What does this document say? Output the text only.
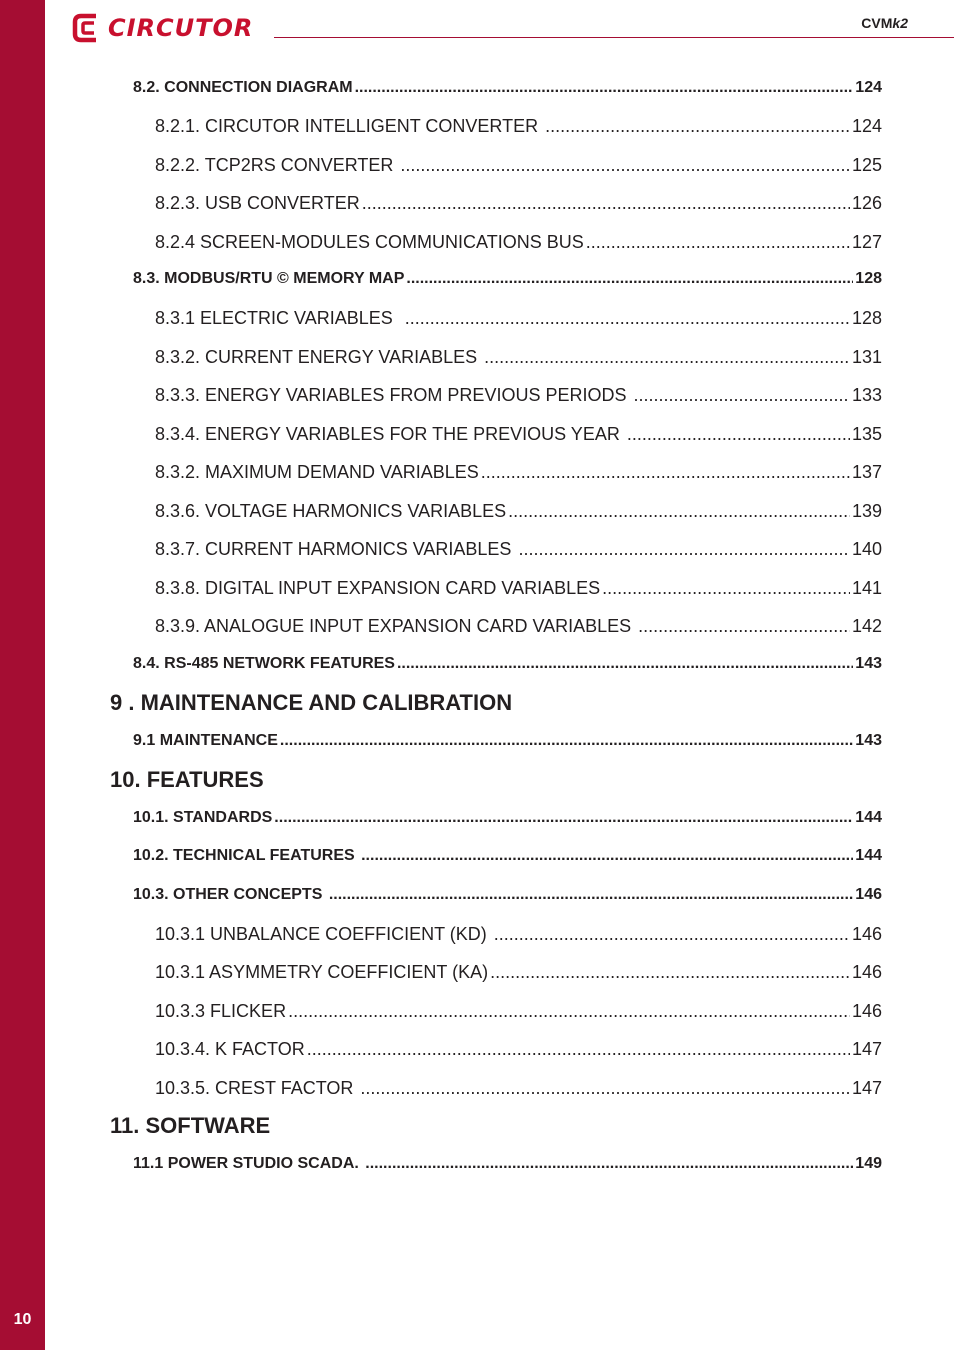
10
CIRCUTOR	CVMk2
8.2. CONNECTION DIAGRAM .....	124
8.2.1. CIRCUTOR INTELLIGENT CONVERTER .....	124
8.2.2. TCP2RS CONVERTER .....	125
8.2.3. USB CONVERTER .....	126
8.2.4 SCREEN-MODULES COMMUNICATIONS BUS .....	127
8.3. MODBUS/RTU © MEMORY MAP .....	128
8.3.1 ELECTRIC VARIABLES .....	128
8.3.2. CURRENT ENERGY VARIABLES .....	131
8.3.3. ENERGY VARIABLES FROM PREVIOUS PERIODS .....	133
8.3.4. ENERGY VARIABLES FOR THE PREVIOUS YEAR .....	135
8.3.2. MAXIMUM DEMAND VARIABLES .....	137
8.3.6. VOLTAGE HARMONICS VARIABLES .....	139
8.3.7. CURRENT HARMONICS VARIABLES .....	140
8.3.8. DIGITAL INPUT EXPANSION CARD VARIABLES .....	141
8.3.9. ANALOGUE INPUT EXPANSION CARD VARIABLES .....	142
8.4. RS-485 NETWORK FEATURES .....	143
9 . MAINTENANCE AND CALIBRATION
9.1 MAINTENANCE .....	143
10. FEATURES
10.1. STANDARDS .....	144
10.2. TECHNICAL FEATURES .....	144
10.3. OTHER CONCEPTS .....	146
10.3.1 UNBALANCE COEFFICIENT (KD) .....	146
10.3.1 ASYMMETRY COEFFICIENT (KA) .....	146
10.3.3 FLICKER .....	146
10.3.4. K FACTOR .....	147
10.3.5. CREST FACTOR .....	147
11. SOFTWARE
11.1 POWER STUDIO SCADA. .....	149
